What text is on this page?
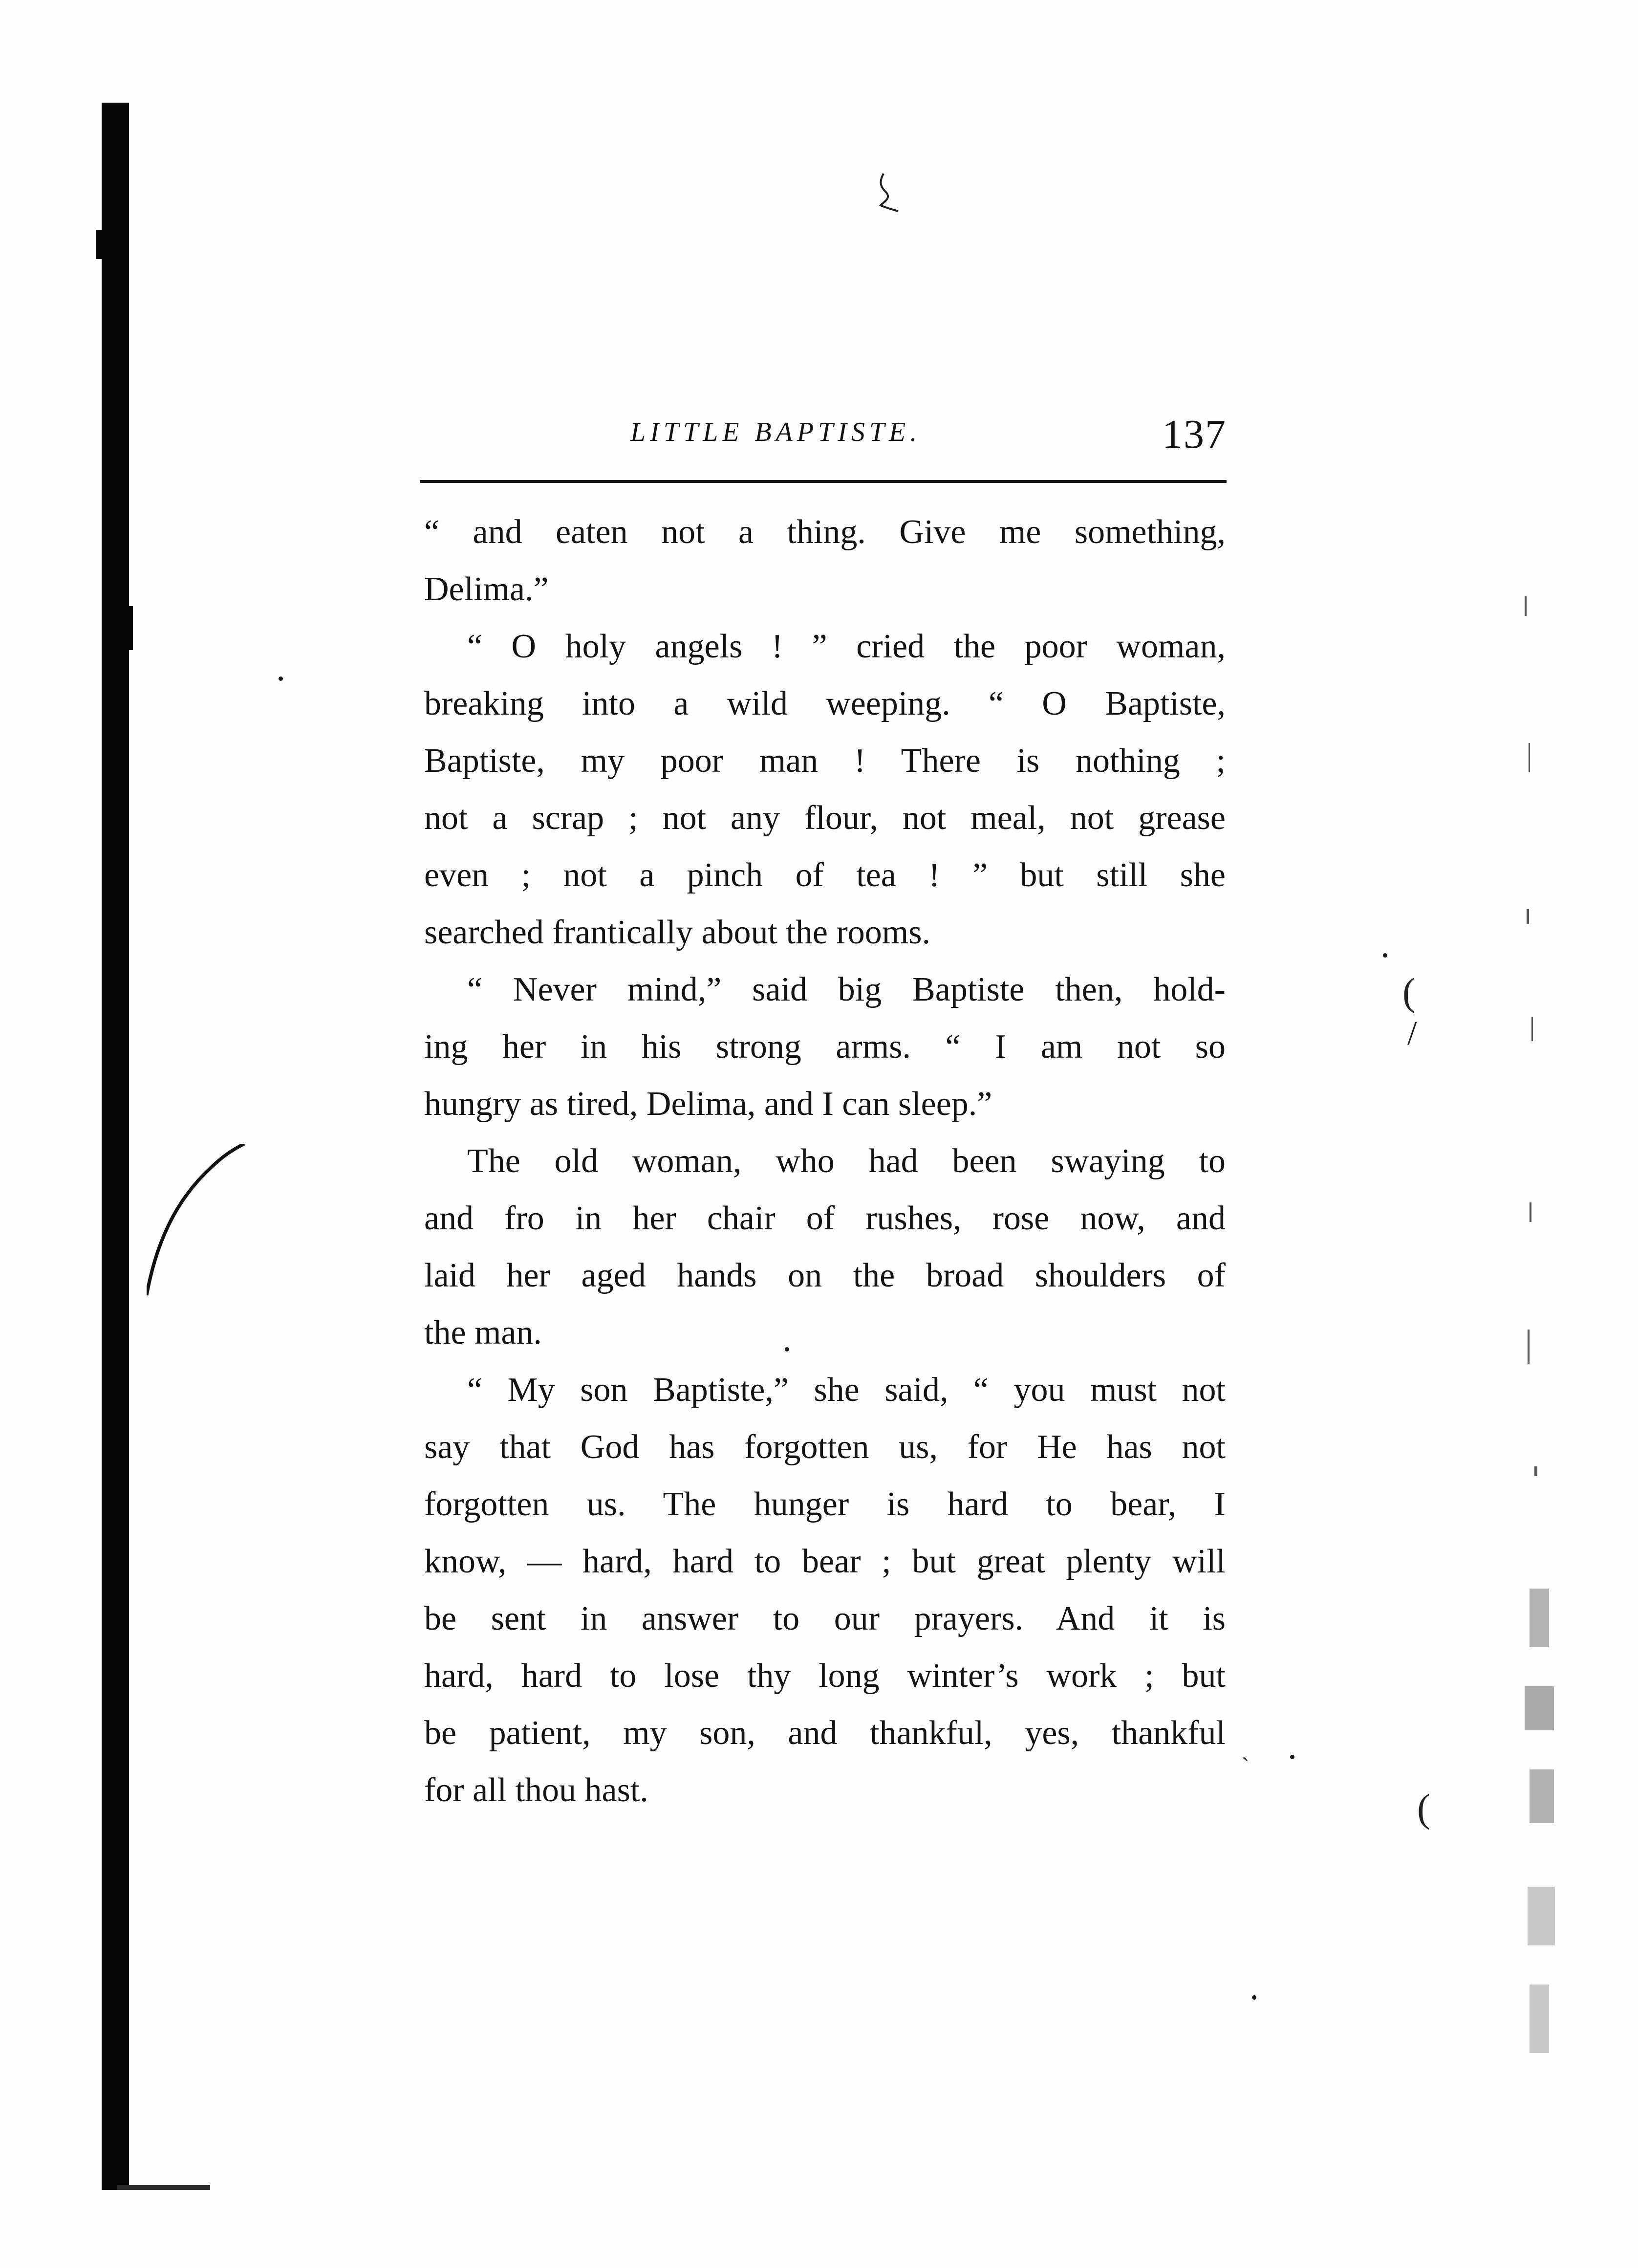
(
/
(
ˎ
LITTLE BAPTISTE.	137
“ and eaten not a thing. Give me something,
Delima.”
“ O holy angels ! ” cried the poor woman,
breaking into a wild weeping. “ O Baptiste,
Baptiste, my poor man ! There is nothing ;
not a scrap ; not any flour, not meal, not grease
even ; not a pinch of tea ! ” but still she
searched frantically about the rooms.
“ Never mind,” said big Baptiste then, hold-
ing her in his strong arms. “ I am not so
hungry as tired, Delima, and I can sleep.”
The old woman, who had been swaying to
and fro in her chair of rushes, rose now, and
laid her aged hands on the broad shoulders of
the man.
“ My son Baptiste,” she said, “ you must not
say that God has forgotten us, for He has not
forgotten us. The hunger is hard to bear, I
know, — hard, hard to bear ; but great plenty will
be sent in answer to our prayers. And it is
hard, hard to lose thy long winter’s work ; but
be patient, my son, and thankful, yes, thankful
for all thou hast.
